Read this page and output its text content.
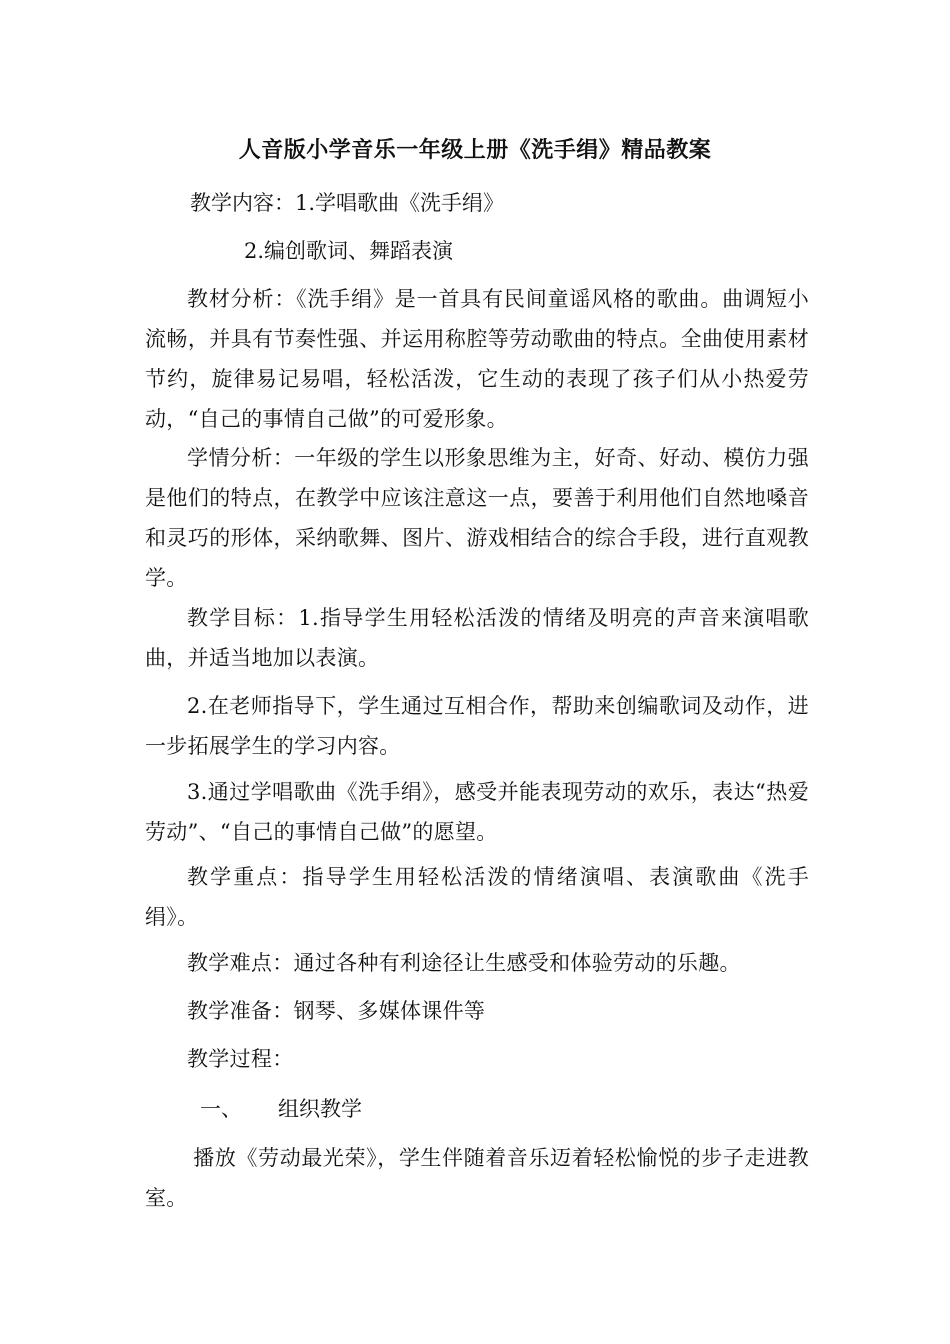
人音版小学音乐一年级上册《洗手绢》精品教案
教学内容：1.学唱歌曲《洗手绢》
2.编创歌词、舞蹈表演
教材分析：《洗手绢》是一首具有民间童谣风格的歌曲。曲调短小流畅，并具有节奏性强、并运用称腔等劳动歌曲的特点。全曲使用素材节约，旋律易记易唱，轻松活泼，它生动的表现了孩子们从小热爱劳动，“自己的事情自己做”的可爱形象。
学情分析：一年级的学生以形象思维为主，好奇、好动、模仿力强是他们的特点，在教学中应该注意这一点，要善于利用他们自然地嗓音和灵巧的形体，采纳歌舞、图片、游戏相结合的综合手段，进行直观教学。
教学目标：1.指导学生用轻松活泼的情绪及明亮的声音来演唱歌曲，并适当地加以表演。
2.在老师指导下，学生通过互相合作，帮助来创编歌词及动作，进一步拓展学生的学习内容。
3.通过学唱歌曲《洗手绢》，感受并能表现劳动的欢乐，表达“热爱劳动”、“自己的事情自己做”的愿望。
教学重点：指导学生用轻松活泼的情绪演唱、表演歌曲《洗手绢》。
教学难点：通过各种有利途径让生感受和体验劳动的乐趣。
教学准备：钢琴、多媒体课件等
教学过程：
一、 组织教学
播放《劳动最光荣》，学生伴随着音乐迈着轻松愉悦的步子走进教室。
